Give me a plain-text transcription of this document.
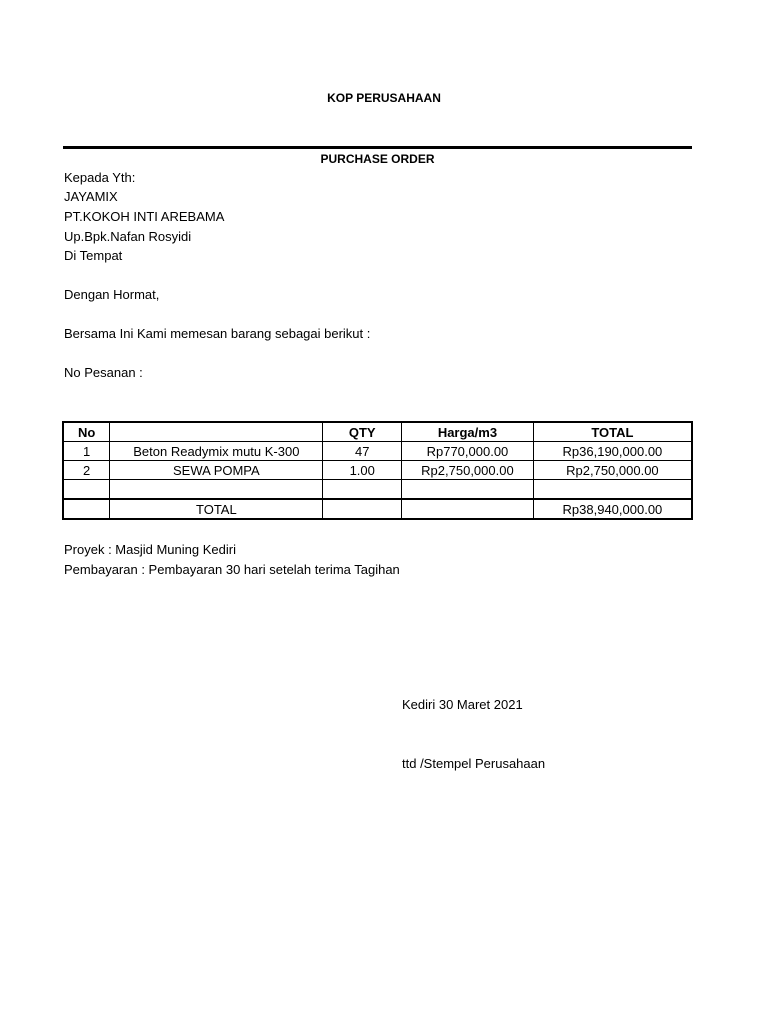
KOP PERUSAHAAN
PURCHASE ORDER
Kepada Yth:
JAYAMIX
PT.KOKOH INTI AREBAMA
Up.Bpk.Nafan Rosyidi
Di Tempat
Dengan Hormat,
Bersama Ini Kami memesan barang sebagai berikut :
No Pesanan :
No		QTY	Harga/m3	TOTAL
1	Beton Readymix mutu K-300	47	Rp770,000.00	Rp36,190,000.00
2	SEWA POMPA	1.00	Rp2,750,000.00	Rp2,750,000.00

	TOTAL			Rp38,940,000.00
Proyek : Masjid Muning Kediri
Pembayaran : Pembayaran 30 hari setelah terima Tagihan
Kediri 30 Maret 2021
ttd /Stempel Perusahaan
